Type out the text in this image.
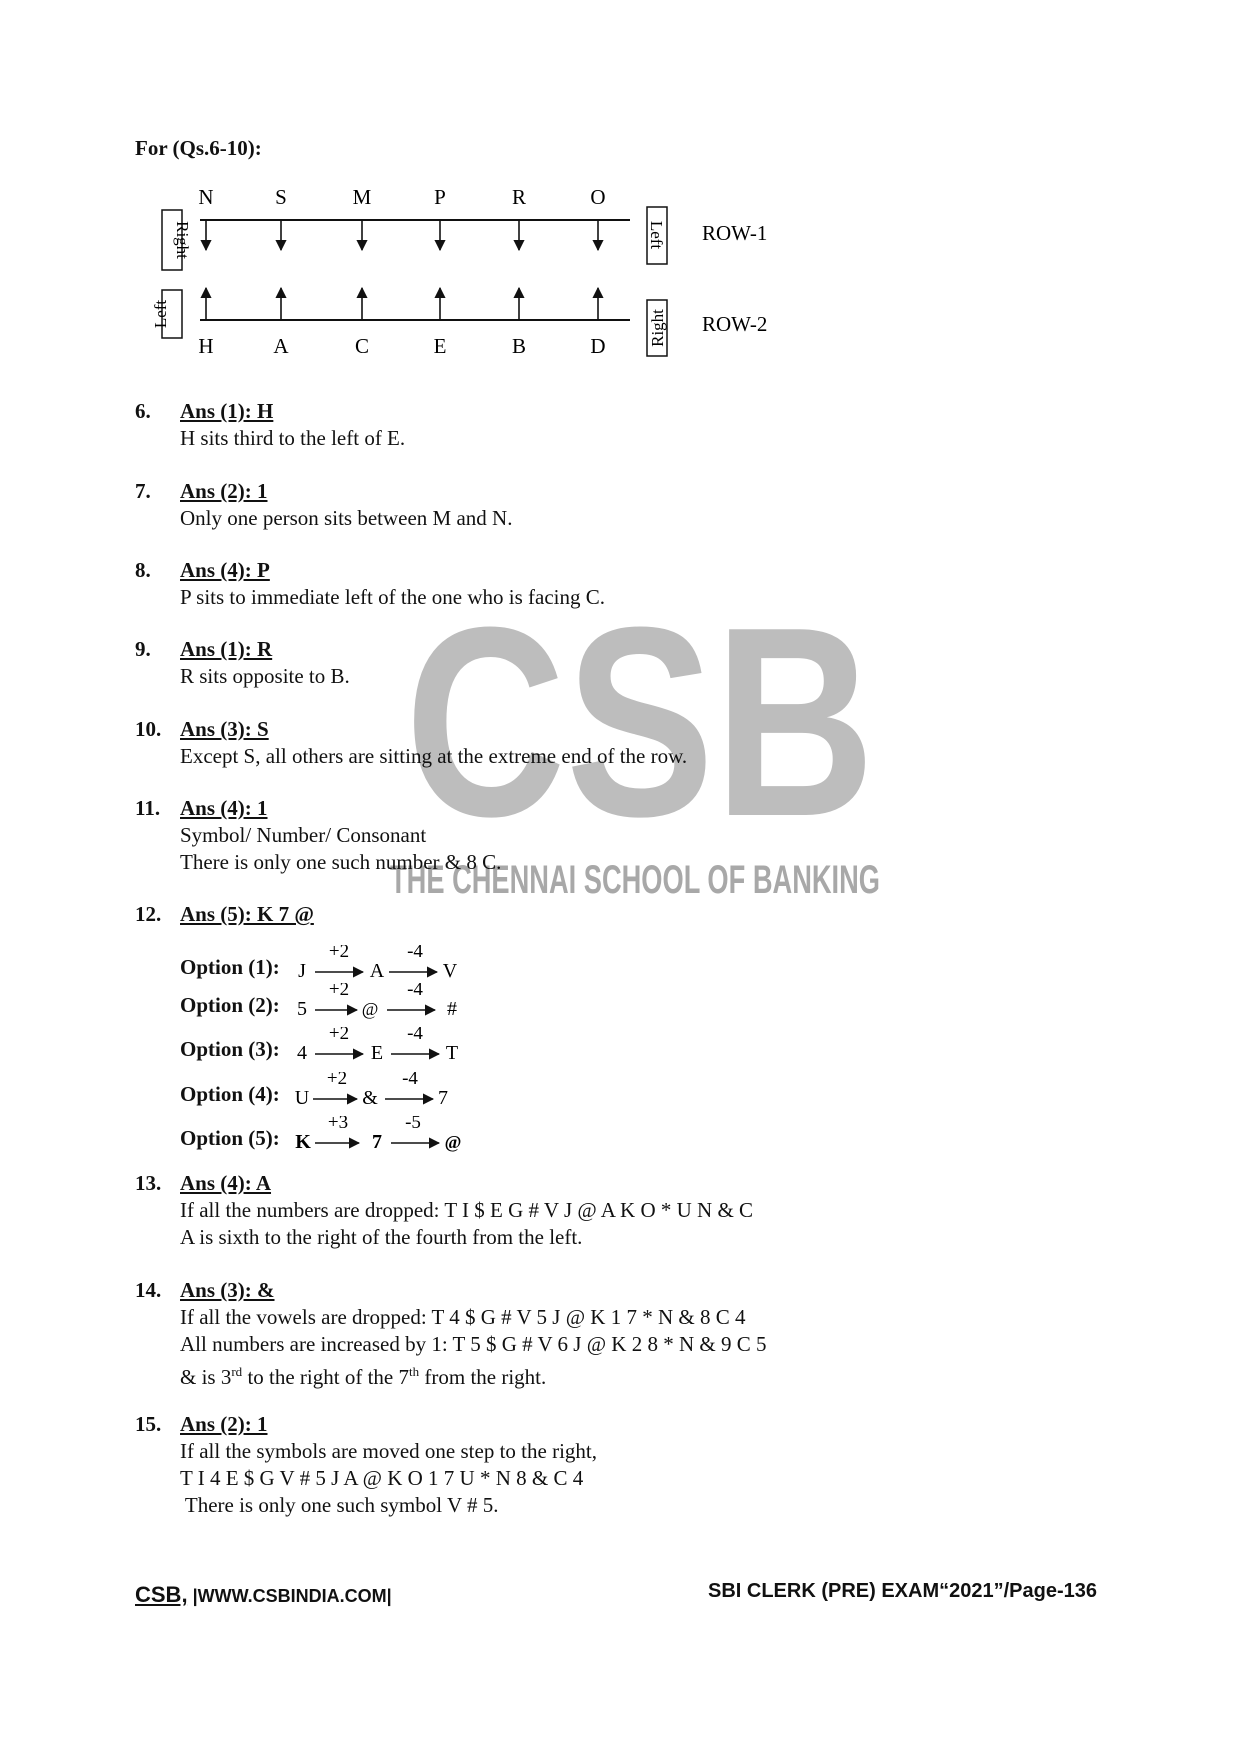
CSB
THE CHENNAI SCHOOL OF BANKING
For (Qs.6-10):
N	S	M	P	R	O
Right	Left ROW-1
H	A	C	E	B	D
Left	Right ROW-2
6. Ans (1): H
H sits third to the left of E.
7. Ans (2): 1
Only one person sits between M and N.
8. Ans (4): P
P sits to immediate left of the one who is facing C.
9. Ans (1): R
R sits opposite to B.
10. Ans (3): S
Except S, all others are sitting at the extreme end of the row.
11. Ans (4): 1
Symbol/ Number/ Consonant
There is only one such number & 8 C.
12. Ans (5): K 7 @
Option (1): J
+2
A
-4
V
Option (2): 5
+2
@
-4
#
Option (3): 4
+2
E
-4
T
Option (4): U
+2
&
-4
7
Option (5): K
+3
7
-5
@
13. Ans (4): A
If all the numbers are dropped: T I $ E G # V J @ A K O * U N & C
A is sixth to the right of the fourth from the left.
14. Ans (3): &
If all the vowels are dropped: T 4 $ G # V 5 J @ K 1 7 * N & 8 C 4
All numbers are increased by 1: T 5 $ G # V 6 J @ K 2 8 * N & 9 C 5
& is 3rd to the right of the 7th from the right.
15. Ans (2): 1
If all the symbols are moved one step to the right,
T I 4 E $ G V # 5 J A @ K O 1 7 U * N 8 & C 4
There is only one such symbol V # 5.
CSB, |WWW.CSBINDIA.COM|	SBI CLERK (PRE) EXAM“2021”/Page-136
